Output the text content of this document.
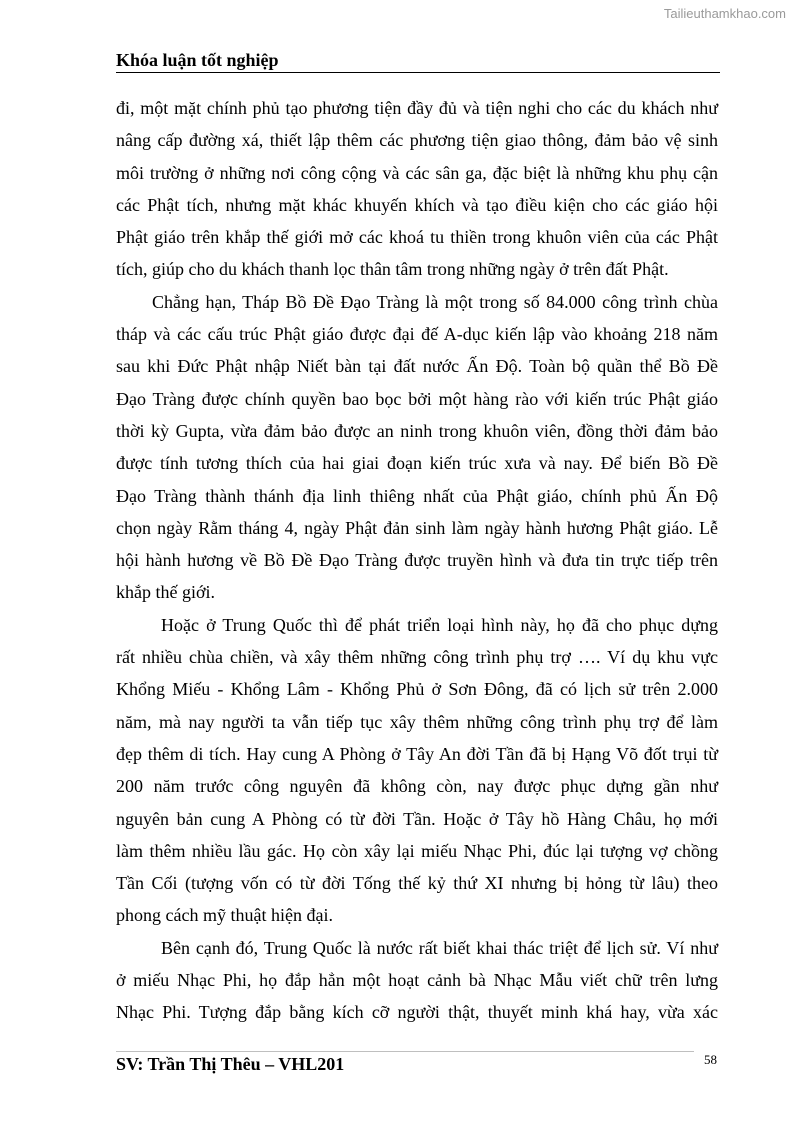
Tailieuthamkhao.com
Khóa luận tốt nghiệp

đi, một mặt chính phủ tạo phương tiện đầy đủ và tiện nghi cho các du khách như
nâng cấp đường xá, thiết lập thêm các phương tiện giao thông, đảm bảo vệ sinh
môi trường ở những nơi công cộng và các sân ga, đặc biệt là những khu phụ cận
các Phật tích, nhưng mặt khác khuyến khích và tạo điều kiện cho các giáo hội
Phật giáo trên khắp thế giới mở các khoá tu thiền trong khuôn viên của các Phật
tích, giúp cho du khách thanh lọc thân tâm trong những ngày ở trên đất Phật.

Chẳng hạn, Tháp Bồ Đề Đạo Tràng là một trong số 84.000 công trình chùa
tháp và các cấu trúc Phật giáo được đại đế A-dục kiến lập vào khoảng 218 năm
sau khi Đức Phật nhập Niết bàn tại đất nước Ấn Độ. Toàn bộ quần thể Bồ Đề
Đạo Tràng được chính quyền bao bọc bởi một hàng rào với kiến trúc Phật giáo
thời kỳ Gupta, vừa đảm bảo được an ninh trong khuôn viên, đồng thời đảm bảo
được tính tương thích của hai giai đoạn kiến trúc xưa và nay. Để biến Bồ Đề
Đạo Tràng thành thánh địa linh thiêng nhất của Phật giáo, chính phủ Ấn Độ
chọn ngày Rằm tháng 4, ngày Phật đản sinh làm ngày hành hương Phật giáo. Lễ
hội hành hương về Bồ Đề Đạo Tràng được truyền hình và đưa tin trực tiếp trên
khắp thế giới.

Hoặc ở Trung Quốc thì để phát triển loại hình này, họ đã cho phục dựng
rất nhiều chùa chiền, và xây thêm những công trình phụ trợ …. Ví dụ khu vực
Khổng Miếu - Khổng Lâm - Khổng Phủ ở Sơn Đông, đã có lịch sử trên 2.000
năm, mà nay người ta vẫn tiếp tục xây thêm những công trình phụ trợ để làm
đẹp thêm di tích. Hay cung A Phòng ở Tây An đời Tần đã bị Hạng Võ đốt trụi từ
200 năm trước công nguyên đã không còn, nay được phục dựng gần như
nguyên bản cung A Phòng có từ đời Tần. Hoặc ở Tây hồ Hàng Châu, họ mới
làm thêm nhiều lầu gác. Họ còn xây lại miếu Nhạc Phi, đúc lại tượng vợ chồng
Tần Cối (tượng vốn có từ đời Tống thế kỷ thứ XI nhưng bị hỏng từ lâu) theo
phong cách mỹ thuật hiện đại.

Bên cạnh đó, Trung Quốc là nước rất biết khai thác triệt để lịch sử. Ví như
ở miếu Nhạc Phi, họ đắp hẳn một hoạt cảnh bà Nhạc Mẫu viết chữ trên lưng
Nhạc Phi. Tượng đắp bằng kích cỡ người thật, thuyết minh khá hay, vừa xác

SV: Trần Thị Thêu – VHL201	58
